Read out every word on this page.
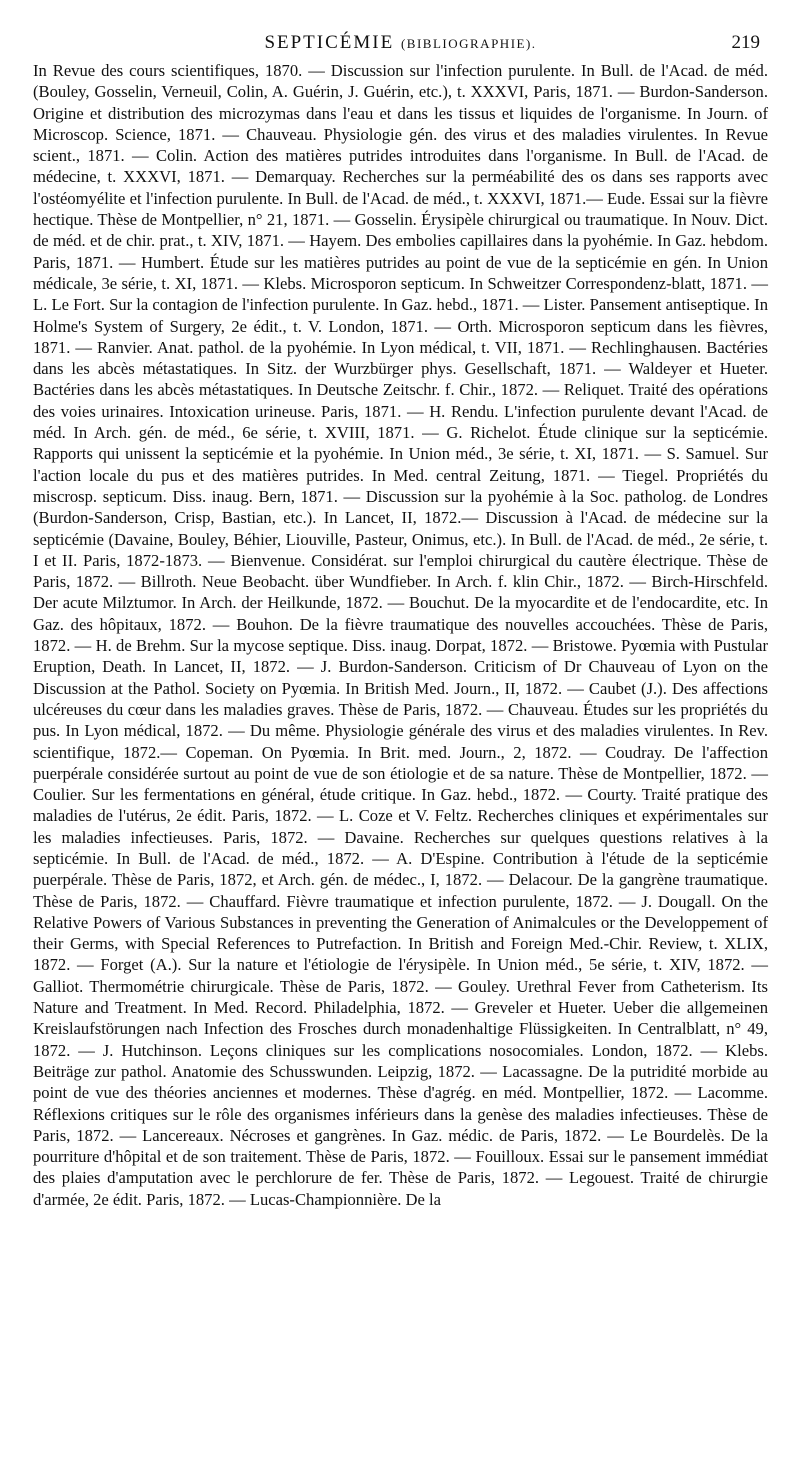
SEPTICÉMIE (BIBLIOGRAPHIE).	219

In Revue des cours scientifiques, 1870. — Discussion sur l'infection purulente. In Bull. de l'Acad. de méd. (Bouley, Gosselin, Verneuil, Colin, A. Guérin, J. Guérin, etc.), t. XXXVI, Paris, 1871. — Burdon-Sanderson. Origine et distribution des microzymas dans l'eau et dans les tissus et liquides de l'organisme. In Journ. of Microscop. Science, 1871. — Chauveau. Physiologie gén. des virus et des maladies virulentes. In Revue scient., 1871. — Colin. Action des matières putrides introduites dans l'organisme. In Bull. de l'Acad. de médecine, t. XXXVI, 1871. — Demarquay. Recherches sur la perméabilité des os dans ses rapports avec l'ostéomyélite et l'infection purulente. In Bull. de l'Acad. de méd., t. XXXVI, 1871.— Eude. Essai sur la fièvre hectique. Thèse de Montpellier, n° 21, 1871. — Gosselin. Érysipèle chirurgical ou traumatique. In Nouv. Dict. de méd. et de chir. prat., t. XIV, 1871. — Hayem. Des embolies capillaires dans la pyohémie. In Gaz. hebdom. Paris, 1871. — Humbert. Étude sur les matières putrides au point de vue de la septicémie en gén. In Union médicale, 3e série, t. XI, 1871. — Klebs. Microsporon septicum. In Schweitzer Correspondenz-blatt, 1871. — L. Le Fort. Sur la contagion de l'infection purulente. In Gaz. hebd., 1871. — Lister. Pansement antiseptique. In Holme's System of Surgery, 2e édit., t. V. London, 1871. — Orth. Microsporon septicum dans les fièvres, 1871. — Ranvier. Anat. pathol. de la pyohémie. In Lyon médical, t. VII, 1871. — Rechlinghausen. Bactéries dans les abcès métastatiques. In Sitz. der Wurzbürger phys. Gesellschaft, 1871. — Waldeyer et Hueter. Bactéries dans les abcès métastatiques. In Deutsche Zeitschr. f. Chir., 1872. — Reliquet. Traité des opérations des voies urinaires. Intoxication urineuse. Paris, 1871. — H. Rendu. L'infection purulente devant l'Acad. de méd. In Arch. gén. de méd., 6e série, t. XVIII, 1871. — G. Richelot. Étude clinique sur la septicémie. Rapports qui unissent la septicémie et la pyohémie. In Union méd., 3e série, t. XI, 1871. — S. Samuel. Sur l'action locale du pus et des matières putrides. In Med. central Zeitung, 1871. — Tiegel. Propriétés du miscrosp. septicum. Diss. inaug. Bern, 1871. — Discussion sur la pyohémie à la Soc. patholog. de Londres (Burdon-Sanderson, Crisp, Bastian, etc.). In Lancet, II, 1872.— Discussion à l'Acad. de médecine sur la septicémie (Davaine, Bouley, Béhier, Liouville, Pasteur, Onimus, etc.). In Bull. de l'Acad. de méd., 2e série, t. I et II. Paris, 1872-1873. — Bienvenue. Considérat. sur l'emploi chirurgical du cautère électrique. Thèse de Paris, 1872. — Billroth. Neue Beobacht. über Wundfieber. In Arch. f. klin Chir., 1872. — Birch-Hirschfeld. Der acute Milztumor. In Arch. der Heilkunde, 1872. — Bouchut. De la myocardite et de l'endocardite, etc. In Gaz. des hôpitaux, 1872. — Bouhon. De la fièvre traumatique des nouvelles accouchées. Thèse de Paris, 1872. — H. de Brehm. Sur la mycose septique. Diss. inaug. Dorpat, 1872. — Bristowe. Pyœmia with Pustular Eruption, Death. In Lancet, II, 1872. — J. Burdon-Sanderson. Criticism of Dr Chauveau of Lyon on the Discussion at the Pathol. Society on Pyœmia. In British Med. Journ., II, 1872. — Caubet (J.). Des affections ulcéreuses du cœur dans les maladies graves. Thèse de Paris, 1872. — Chauveau. Études sur les propriétés du pus. In Lyon médical, 1872. — Du même. Physiologie générale des virus et des maladies virulentes. In Rev. scientifique, 1872.— Copeman. On Pyœmia. In Brit. med. Journ., 2, 1872. — Coudray. De l'affection puerpérale considérée surtout au point de vue de son étiologie et de sa nature. Thèse de Montpellier, 1872. — Coulier. Sur les fermentations en général, étude critique. In Gaz. hebd., 1872. — Courty. Traité pratique des maladies de l'utérus, 2e édit. Paris, 1872. — L. Coze et V. Feltz. Recherches cliniques et expérimentales sur les maladies infectieuses. Paris, 1872. — Davaine. Recherches sur quelques questions relatives à la septicémie. In Bull. de l'Acad. de méd., 1872. — A. D'Espine. Contribution à l'étude de la septicémie puerpérale. Thèse de Paris, 1872, et Arch. gén. de médec., I, 1872. — Delacour. De la gangrène traumatique. Thèse de Paris, 1872. — Chauffard. Fièvre traumatique et infection purulente, 1872. — J. Dougall. On the Relative Powers of Various Substances in preventing the Generation of Animalcules or the Developpement of their Germs, with Special References to Putrefaction. In British and Foreign Med.-Chir. Review, t. XLIX, 1872. — Forget (A.). Sur la nature et l'étiologie de l'érysipèle. In Union méd., 5e série, t. XIV, 1872. — Galliot. Thermométrie chirurgicale. Thèse de Paris, 1872. — Gouley. Urethral Fever from Catheterism. Its Nature and Treatment. In Med. Record. Philadelphia, 1872. — Greveler et Hueter. Ueber die allgemeinen Kreislaufstörungen nach Infection des Frosches durch monadenhaltige Flüssigkeiten. In Centralblatt, n° 49, 1872. — J. Hutchinson. Leçons cliniques sur les complications nosocomiales. London, 1872. — Klebs. Beiträge zur pathol. Anatomie des Schusswunden. Leipzig, 1872. — Lacassagne. De la putridité morbide au point de vue des théories anciennes et modernes. Thèse d'agrég. en méd. Montpellier, 1872. — Lacomme. Réflexions critiques sur le rôle des organismes inférieurs dans la genèse des maladies infectieuses. Thèse de Paris, 1872. — Lancereaux. Nécroses et gangrènes. In Gaz. médic. de Paris, 1872. — Le Bourdelès. De la pourriture d'hôpital et de son traitement. Thèse de Paris, 1872. — Fouilloux. Essai sur le pansement immédiat des plaies d'amputation avec le perchlorure de fer. Thèse de Paris, 1872. — Legouest. Traité de chirurgie d'armée, 2e édit. Paris, 1872. — Lucas-Championnière. De la
